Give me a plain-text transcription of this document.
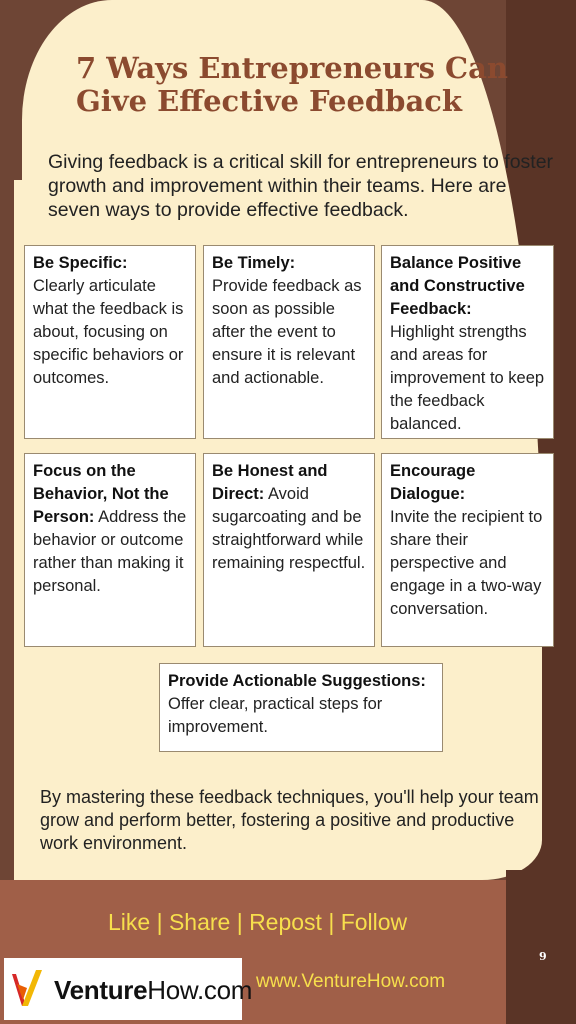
7 Ways Entrepreneurs Can Give Effective Feedback

Giving feedback is a critical skill for entrepreneurs to foster growth and improvement within their teams. Here are seven ways to provide effective feedback.

Be Specific:
Clearly articulate what the feedback is about, focusing on specific behaviors or outcomes.
Be Timely:
Provide feedback as soon as possible after the event to ensure it is relevant and actionable.
Balance Positive and Constructive Feedback:
Highlight strengths and areas for improvement to keep the feedback balanced.
Focus on the Behavior, Not the Person: Address the behavior or outcome rather than making it personal.
Be Honest and Direct: Avoid sugarcoating and be straightforward while remaining respectful.
Encourage Dialogue:
Invite the recipient to share their perspective and engage in a two-way conversation.
Provide Actionable Suggestions:
Offer clear, practical steps for improvement.

By mastering these feedback techniques, you'll help your team grow and perform better, fostering a positive and productive work environment.

Like | Share | Repost | Follow
9
VentureHow.com www.VentureHow.com
